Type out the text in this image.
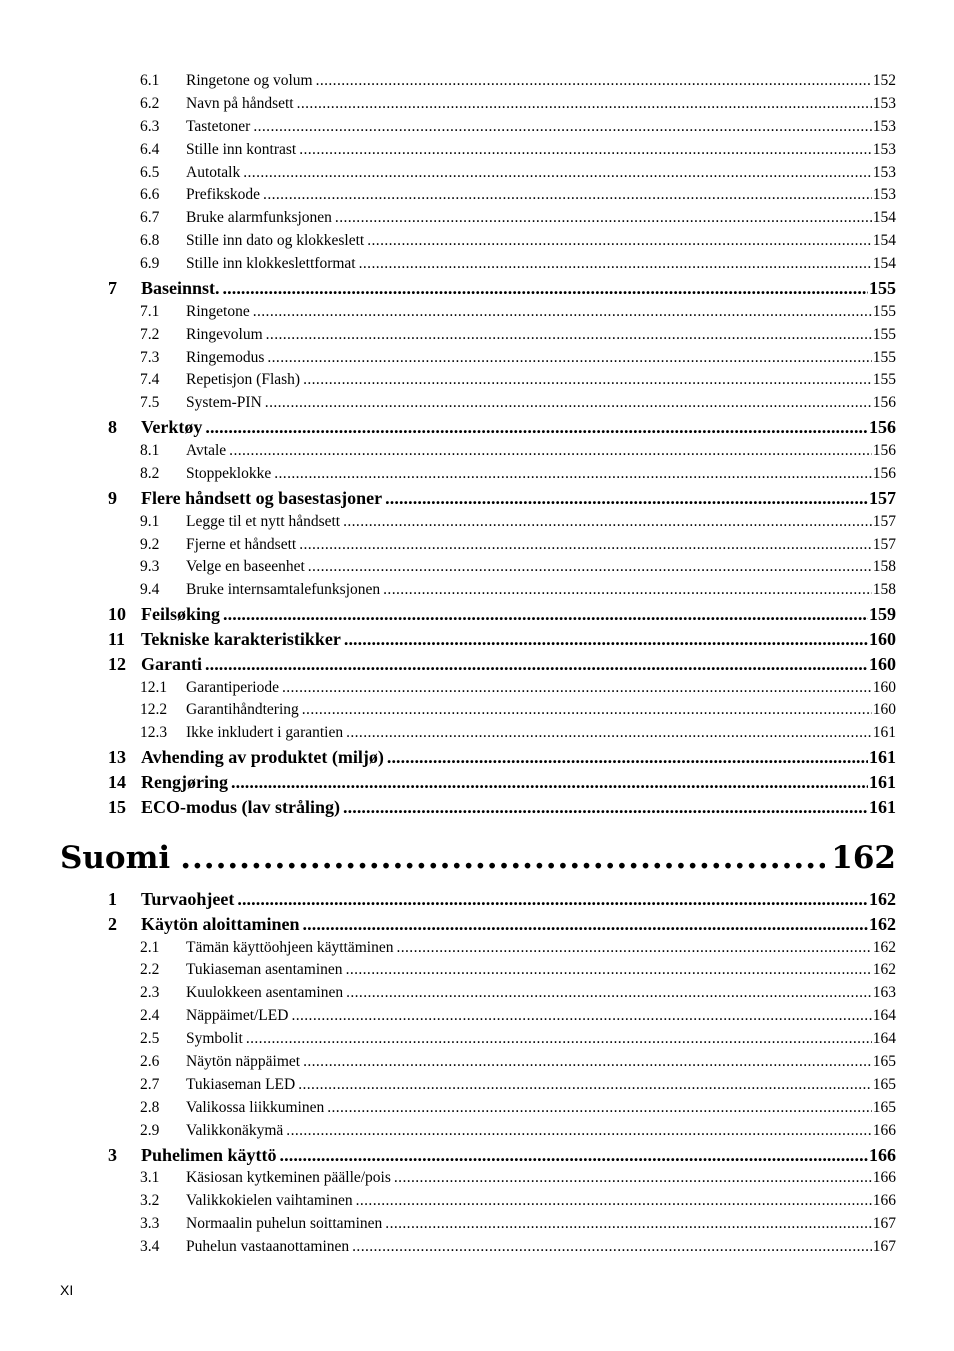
6.1	Ringetone og volum .....	152
6.2	Navn på håndsett .....	153
6.3	Tastetoner .....	153
6.4	Stille inn kontrast .....	153
6.5	Autotalk .....	153
6.6	Prefikskode .....	153
6.7	Bruke alarmfunksjonen .....	154
6.8	Stille inn dato og klokkeslett .....	154
6.9	Stille inn klokkeslettformat .....	154
7	Baseinnst. .....	155
7.1	Ringetone .....	155
7.2	Ringevolum .....	155
7.3	Ringemodus .....	155
7.4	Repetisjon (Flash) .....	155
7.5	System-PIN .....	156
8	Verktøy .....	156
8.1	Avtale .....	156
8.2	Stoppeklokke .....	156
9	Flere håndsett og basestasjoner .....	157
9.1	Legge til et nytt håndsett .....	157
9.2	Fjerne et håndsett .....	157
9.3	Velge en baseenhet .....	158
9.4	Bruke internsamtalefunksjonen .....	158
10 Feilsøking .....	159
11 Tekniske karakteristikker .....	160
12 Garanti .....	160
12.1	Garantiperiode .....	160
12.2	Garantihåndtering .....	160
12.3	Ikke inkludert i garantien .....	161
13 Avhending av produktet (miljø) .....	161
14 Rengjøring .....	161
15 ECO-modus (lav stråling) .....	161
Suomi .....	162
1	Turvaohjeet .....	162
2	Käytön aloittaminen .....	162
2.1	Tämän käyttöohjeen käyttäminen .....	162
2.2	Tukiaseman asentaminen .....	162
2.3	Kuulokkeen asentaminen .....	163
2.4	Näppäimet/LED .....	164
2.5	Symbolit .....	164
2.6	Näytön näppäimet .....	165
2.7	Tukiaseman LED .....	165
2.8	Valikossa liikkuminen .....	165
2.9	Valikkonäkymä .....	166
3	Puhelimen käyttö .....	166
3.1	Käsiosan kytkeminen päälle/pois .....	166
3.2	Valikkokielen vaihtaminen .....	166
3.3	Normaalin puhelun soittaminen .....	167
3.4	Puhelun vastaanottaminen .....	167
XI
